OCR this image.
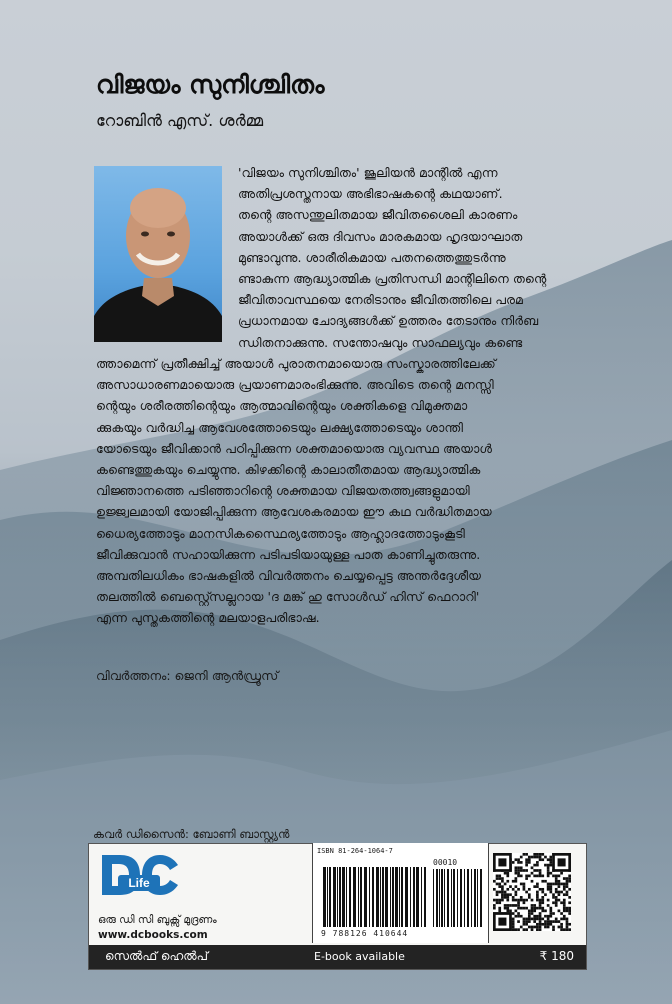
വിജയം സുനിശ്ചിതം
റോബിൻ എസ്. ശർമ്മ
'വിജയം സുനിശ്ചിതം' ജൂലിയൻ മാന്റിൽ എന്ന
അതിപ്രശസ്തനായ അഭിഭാഷകന്റെ കഥയാണ്.
തന്റെ അസന്തുലിതമായ ജീവിതശൈലി കാരണം
അയാൾക്ക് ഒരു ദിവസം മാരകമായ ഹൃദയാഘാത
മുണ്ടാവുന്നു. ശാരീരികമായ പതനത്തെത്തുടർന്നു
ണ്ടാകുന്ന ആദ്ധ്യാത്മിക പ്രതിസന്ധി മാന്റിലിനെ തന്റെ
ജീവിതാവസ്ഥയെ നേരിടാനും ജീവിതത്തിലെ പരമ
പ്രധാനമായ ചോദ്യങ്ങൾക്ക് ഉത്തരം തേടാനും നിർബ
ന്ധിതനാക്കുന്നു. സന്തോഷവും സാഫല്യവും കണ്ടെ
ത്താമെന്ന് പ്രതീക്ഷിച്ച് അയാൾ പുരാതനമായൊരു സംസ്കാരത്തിലേക്ക്
അസാധാരണമായൊരു പ്രയാണമാരംഭിക്കുന്നു. അവിടെ തന്റെ മനസ്സി
ന്റെയും ശരീരത്തിന്റെയും ആത്മാവിന്റെയും ശക്തികളെ വിമുക്തമാ
ക്കുകയും വർദ്ധിച്ച ആവേശത്തോടെയും ലക്ഷ്യത്തോടെയും ശാന്തി
യോടെയും ജീവിക്കാൻ പഠിപ്പിക്കുന്ന ശക്തമായൊരു വ്യവസ്ഥ അയാൾ
കണ്ടെത്തുകയും ചെയ്യുന്നു. കിഴക്കിന്റെ കാലാതീതമായ ആദ്ധ്യാത്മിക
വിജ്ഞാനത്തെ പടിഞ്ഞാറിന്റെ ശക്തമായ വിജയതത്ത്വങ്ങളുമായി
ഉജ്ജ്വലമായി യോജിപ്പിക്കുന്ന ആവേശകരമായ ഈ കഥ വർദ്ധിതമായ
ധൈര്യത്തോടും മാനസികസ്ഥൈര്യത്തോടും ആഹ്ലാദത്തോടുംകൂടി
ജീവിക്കുവാൻ സഹായിക്കുന്ന പടിപടിയായുള്ള പാത കാണിച്ചുതരുന്നു.
അമ്പതിലധികം ഭാഷകളിൽ വിവർത്തനം ചെയ്യപ്പെട്ട അന്തർദ്ദേശീയ
തലത്തിൽ ബെസ്റ്റ്സെല്ലറായ 'ദ മങ്ക് ഹു സോൾഡ് ഹിസ് ഫെറാറി'
എന്ന പുസ്തകത്തിന്റെ മലയാളപരിഭാഷ.
വിവർത്തനം: ജെനി ആൻഡ്രൂസ്
കവർ ഡിസൈൻ: ബോണി ബാസ്റ്റ്യൻ
Life
ഒരു ഡി സി ബുക്സ് മുദ്രണം
www.dcbooks.com
ISBN 81-264-1064-7
00010
9 788126 410644
സെൽഫ് ഹെൽപ്	E-book available	₹ 180
